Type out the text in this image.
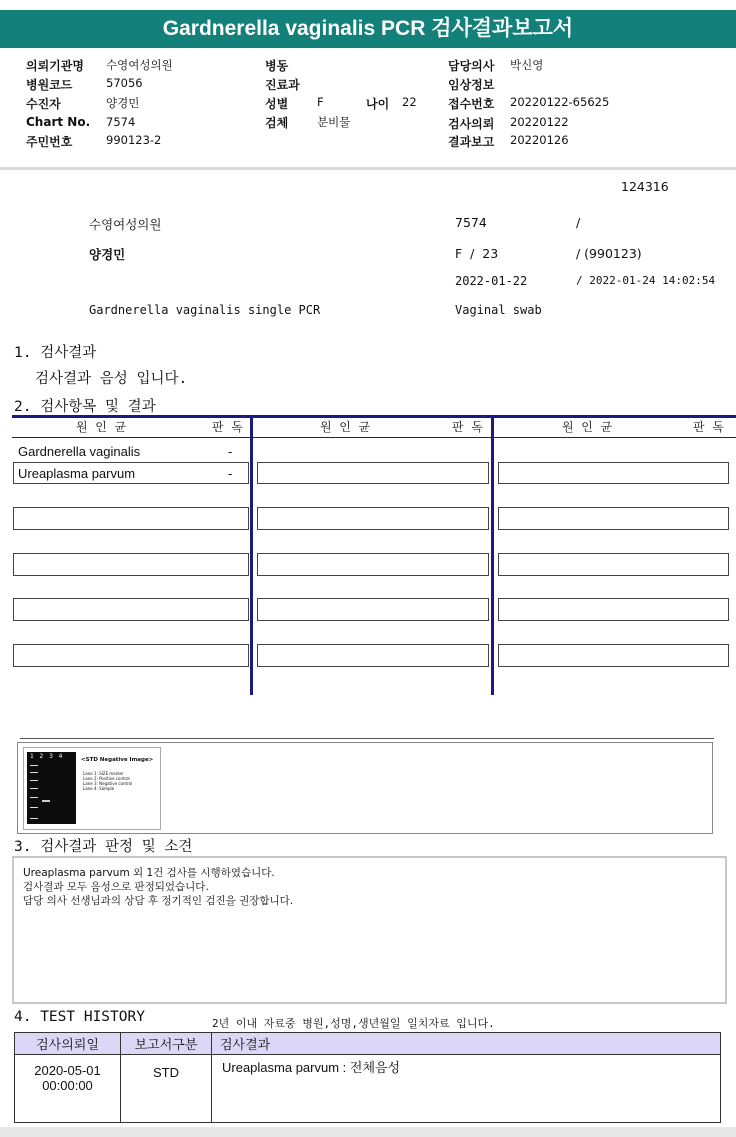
Gardnerella vaginalis PCR 검사결과보고서
의뢰기관명 수영여성의원
병원코드	57056
수진자	양경민
Chart No. 7574
주민번호	990123-2
병동
진료과
성별	F	나이 22
검체	분비물
담당의사 박신영
임상정보
접수번호 20220122-65625
검사의뢰 20220122
결과보고 20220126
124316
수영여성의원	7574	/
양경민	F  /  23	/ (990123)
2022-01-22	/ 2022-01-24 14:02:54
Gardnerella vaginalis single PCR	Vaginal swab
1. 검사결과
검사결과 음성 입니다.
2. 검사항목 및 결과
원  인  균	판  독	원  인  균	판  독	원  인  균	판  독
Gardnerella vaginalis	-
Ureaplasma parvum	-
1   2   3   4	<STD Negative Image>
Lane 1: SIZE marker
Lane 2: Positive control
Lane 3: Negative control
Lane 4: Sample
3. 검사결과 판정 및 소견
Ureaplasma parvum 외 1건 검사를 시행하였습니다.
검사결과 모두 음성으로 판정되었습니다.
담당 의사 선생님과의 상담 후 정기적인 검진을 권장합니다.
4. TEST HISTORY	2년 이내 자료중 병원,성명,생년월일 일치자료 입니다.
검사의뢰일	보고서구분	검사결과

2020-05-01
00:00:00	STD	Ureaplasma parvum : 전체음성
